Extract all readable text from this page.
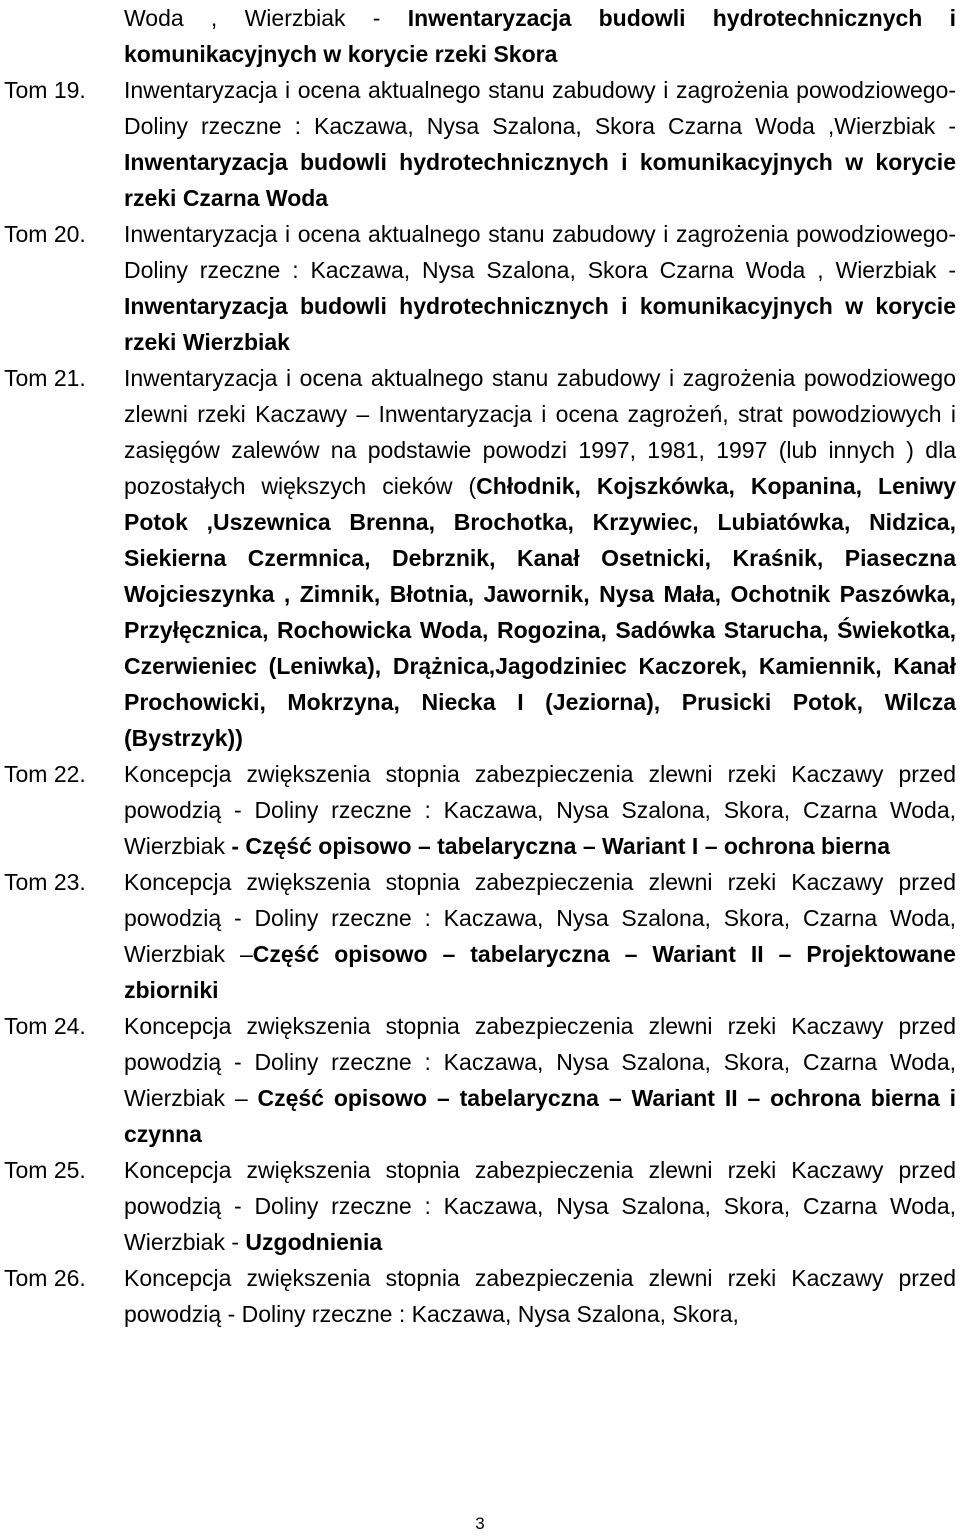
Woda , Wierzbiak - Inwentaryzacja budowli hydrotechnicznych i komunikacyjnych w korycie rzeki Skora
Tom 19. Inwentaryzacja i ocena aktualnego stanu zabudowy i zagrożenia powodziowego- Doliny rzeczne : Kaczawa, Nysa Szalona, Skora Czarna Woda ,Wierzbiak - Inwentaryzacja budowli hydrotechnicznych i komunikacyjnych w korycie rzeki Czarna Woda
Tom 20. Inwentaryzacja i ocena aktualnego stanu zabudowy i zagrożenia powodziowego- Doliny rzeczne : Kaczawa, Nysa Szalona, Skora Czarna Woda , Wierzbiak - Inwentaryzacja budowli hydrotechnicznych i komunikacyjnych w korycie rzeki Wierzbiak
Tom 21. Inwentaryzacja i ocena aktualnego stanu zabudowy i zagrożenia powodziowego zlewni rzeki Kaczawy – Inwentaryzacja i ocena zagrożeń, strat powodziowych i zasięgów zalewów na podstawie powodzi 1997, 1981, 1997 (lub innych ) dla pozostałych większych cieków (Chłodnik, Kojszkówka, Kopanina, Leniwy Potok ,Uszewnica Brenna, Brochotka, Krzywiec, Lubiatówka, Nidzica, Siekierna Czermnica, Debrznik, Kanał Osetnicki, Kraśnik, Piaseczna Wojcieszynka , Zimnik, Błotnia, Jawornik, Nysa Mała, Ochotnik Paszówka, Przyłęcznica, Rochowicka Woda, Rogozina, Sadówka Starucha, Świekotka, Czerwieniec (Leniwka), Drążnica,Jagodziniec Kaczorek, Kamiennik, Kanał Prochowicki, Mokrzyna, Niecka I (Jeziorna), Prusicki Potok, Wilcza (Bystrzyk))
Tom 22. Koncepcja zwiększenia stopnia zabezpieczenia zlewni rzeki Kaczawy przed powodzią - Doliny rzeczne : Kaczawa, Nysa Szalona, Skora, Czarna Woda, Wierzbiak - Część opisowo – tabelaryczna – Wariant I – ochrona bierna
Tom 23. Koncepcja zwiększenia stopnia zabezpieczenia zlewni rzeki Kaczawy przed powodzią - Doliny rzeczne : Kaczawa, Nysa Szalona, Skora, Czarna Woda, Wierzbiak –Część opisowo – tabelaryczna – Wariant II – Projektowane zbiorniki
Tom 24. Koncepcja zwiększenia stopnia zabezpieczenia zlewni rzeki Kaczawy przed powodzią - Doliny rzeczne : Kaczawa, Nysa Szalona, Skora, Czarna Woda, Wierzbiak – Część opisowo – tabelaryczna – Wariant II – ochrona bierna i czynna
Tom 25. Koncepcja zwiększenia stopnia zabezpieczenia zlewni rzeki Kaczawy przed powodzią - Doliny rzeczne : Kaczawa, Nysa Szalona, Skora, Czarna Woda, Wierzbiak - Uzgodnienia
Tom 26. Koncepcja zwiększenia stopnia zabezpieczenia zlewni rzeki Kaczawy przed powodzią - Doliny rzeczne : Kaczawa, Nysa Szalona, Skora,
3
